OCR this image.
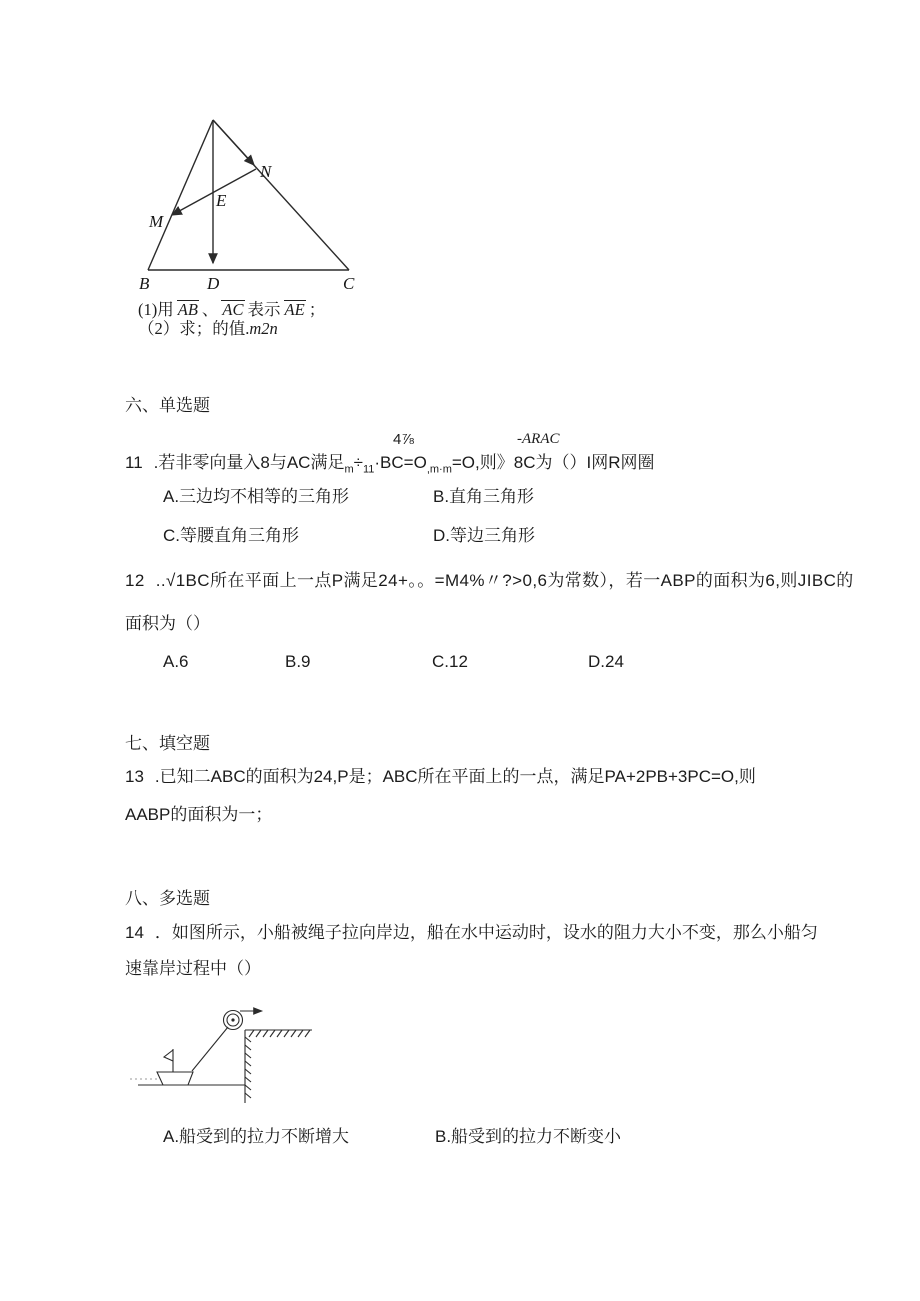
N
E
M
B	D	C
(1)用 AB 、 AC 表示 AE ；
（2）求；的值.m2n
六、单选题
4⅞	-ARAC
11 .若非零向量入8与AC满足$_m\div_{11}\cdot BC=O_{,m\cdot m}=O$,则》8C为（）I网R网圈
A.三边均不相等的三角形	B.直角三角形
C.等腰直角三角形	D.等边三角形
12 ..√1BC所在平面上一点P满足24+。。=M4%〃?>0,6为常数），若一ABP的面积为6,则JIBC的
面积为（）
A.6	B.9	C.12	D.24
七、填空题
13 .已知二ABC的面积为24,P是；ABC所在平面上的一点，满足PA+2PB+3PC=O,则
AABP的面积为一；
八、多选题
14 ．如图所示，小船被绳子拉向岸边，船在水中运动时，设水的阻力大小不变，那么小船匀
速靠岸过程中（）
A.船受到的拉力不断增大	B.船受到的拉力不断变小
